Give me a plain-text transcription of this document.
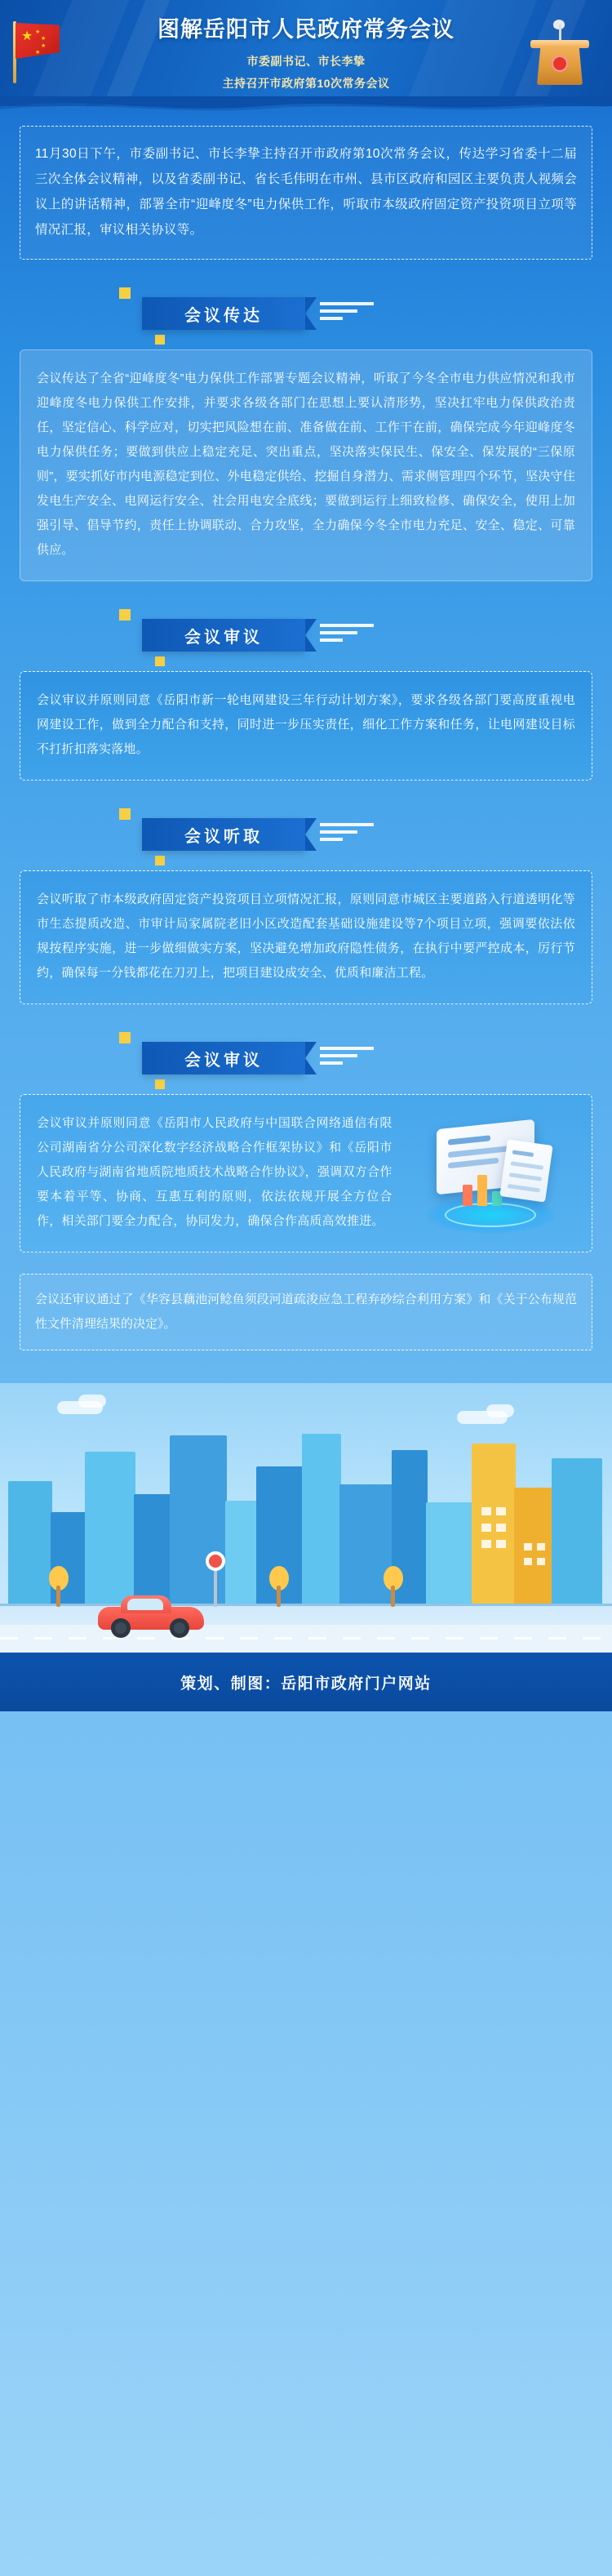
★ ★
★
★
★
图解岳阳市人民政府常务会议
市委副书记、市长李挚
主持召开市政府第10次常务会议
11月30日下午，市委副书记、市长李挚主持召开市政府第10次常务会议，传达学习省委十二届三次全体会议精神，以及省委副书记、省长毛伟明在市州、县市区政府和园区主要负责人视频会议上的讲话精神，部署全市“迎峰度冬”电力保供工作，听取市本级政府固定资产投资项目立项等情况汇报，审议相关协议等。
会议传达
会议传达了全省“迎峰度冬”电力保供工作部署专题会议精神，听取了今冬全市电力供应情况和我市迎峰度冬电力保供工作安排，并要求各级各部门在思想上要认清形势，坚决扛牢电力保供政治责任，坚定信心、科学应对，切实把风险想在前、准备做在前、工作干在前，确保完成今年迎峰度冬电力保供任务；要做到供应上稳定充足、突出重点，坚决落实保民生、保安全、保发展的“三保原则”，要实抓好市内电源稳定到位、外电稳定供给、挖掘自身潜力、需求侧管理四个环节，坚决守住发电生产安全、电网运行安全、社会用电安全底线；要做到运行上细致检修、确保安全，使用上加强引导、倡导节约，责任上协调联动、合力攻坚，全力确保今冬全市电力充足、安全、稳定、可靠供应。
会议审议
会议审议并原则同意《岳阳市新一轮电网建设三年行动计划方案》，要求各级各部门要高度重视电网建设工作，做到全力配合和支持，同时进一步压实责任，细化工作方案和任务，让电网建设目标不打折扣落实落地。
会议听取
会议听取了市本级政府固定资产投资项目立项情况汇报，原则同意市城区主要道路入行道透明化等市生态提质改造、市审计局家属院老旧小区改造配套基础设施建设等7个项目立项，强调要依法依规按程序实施，进一步做细做实方案，坚决避免增加政府隐性债务，在执行中要严控成本，厉行节约，确保每一分钱都花在刀刃上，把项目建设成安全、优质和廉洁工程。
会议审议
会议审议并原则同意《岳阳市人民政府与中国联合网络通信有限公司湖南省分公司深化数字经济战略合作框架协议》和《岳阳市人民政府与湖南省地质院地质技术战略合作协议》，强调双方合作要本着平等、协商、互惠互利的原则，依法依规开展全方位合作，相关部门要全力配合，协同发力，确保合作高质高效推进。
会议还审议通过了《华容县藕池河鲶鱼须段河道疏浚应急工程弃砂综合利用方案》和《关于公布规范性文件清理结果的决定》。
策划、制图：岳阳市政府门户网站
